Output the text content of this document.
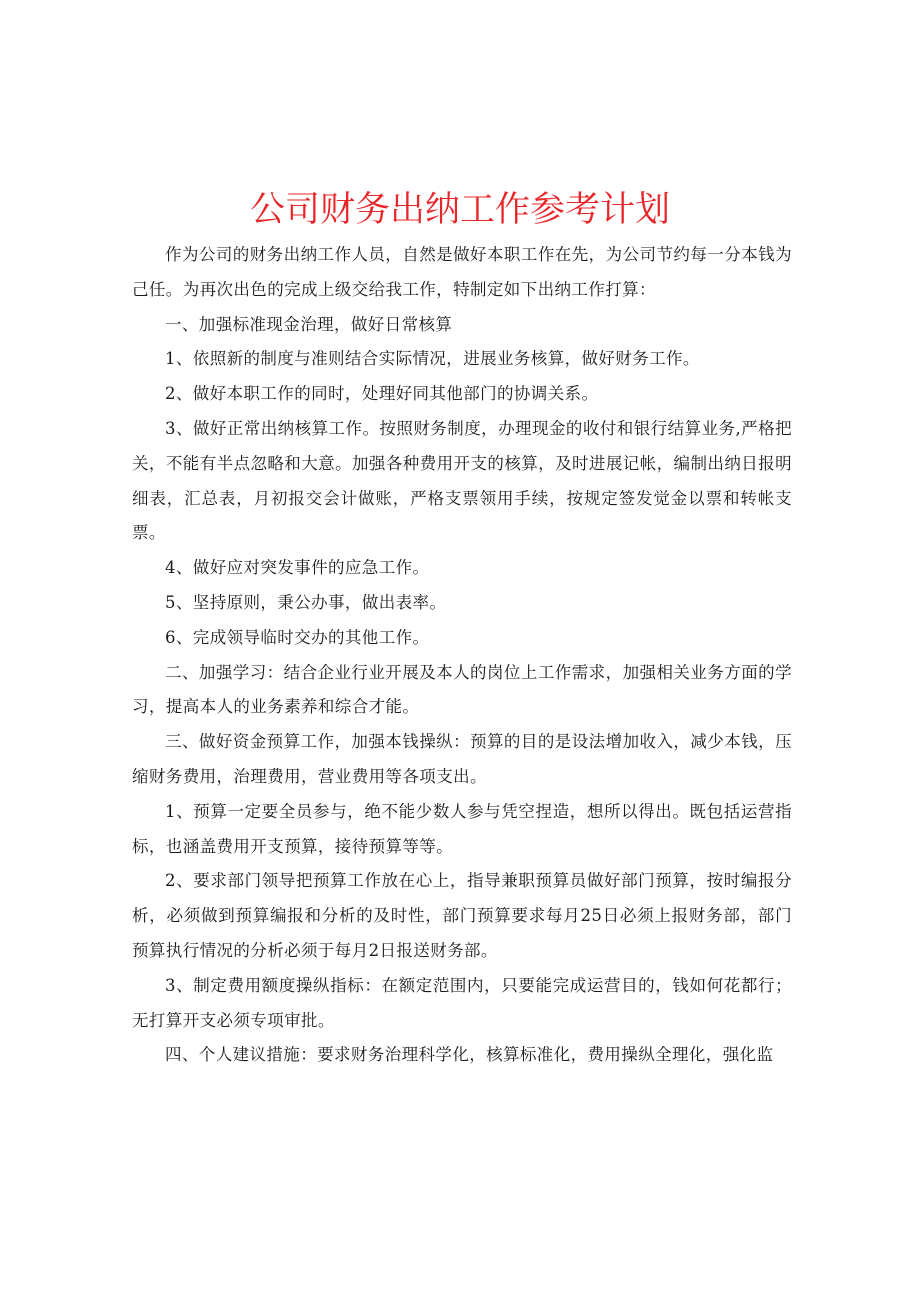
公司财务出纳工作参考计划

作为公司的财务出纳工作人员，自然是做好本职工作在先，为公司节约每一分本钱为己任。为再次出色的完成上级交给我工作，特制定如下出纳工作打算：

一、加强标准现金治理，做好日常核算

1、依照新的制度与准则结合实际情况，进展业务核算，做好财务工作。

2、做好本职工作的同时，处理好同其他部门的协调关系。

3、做好正常出纳核算工作。按照财务制度，办理现金的收付和银行结算业务,严格把关，不能有半点忽略和大意。加强各种费用开支的核算，及时进展记帐，编制出纳日报明细表，汇总表，月初报交会计做账，严格支票领用手续，按规定签发觉金以票和转帐支票。

4、做好应对突发事件的应急工作。

5、坚持原则，秉公办事，做出表率。

6、完成领导临时交办的其他工作。

二、加强学习：结合企业行业开展及本人的岗位上工作需求，加强相关业务方面的学习，提高本人的业务素养和综合才能。

三、做好资金预算工作，加强本钱操纵：预算的目的是设法增加收入，减少本钱，压缩财务费用，治理费用，营业费用等各项支出。

1、预算一定要全员参与，绝不能少数人参与凭空捏造，想所以得出。既包括运营指标，也涵盖费用开支预算，接待预算等等。

2、要求部门领导把预算工作放在心上，指导兼职预算员做好部门预算，按时编报分析，必须做到预算编报和分析的及时性，部门预算要求每月25日必须上报财务部，部门预算执行情况的分析必须于每月2日报送财务部。

3、制定费用额度操纵指标：在额定范围内，只要能完成运营目的，钱如何花都行；无打算开支必须专项审批。

四、个人建议措施：要求财务治理科学化，核算标准化，费用操纵全理化，强化监
